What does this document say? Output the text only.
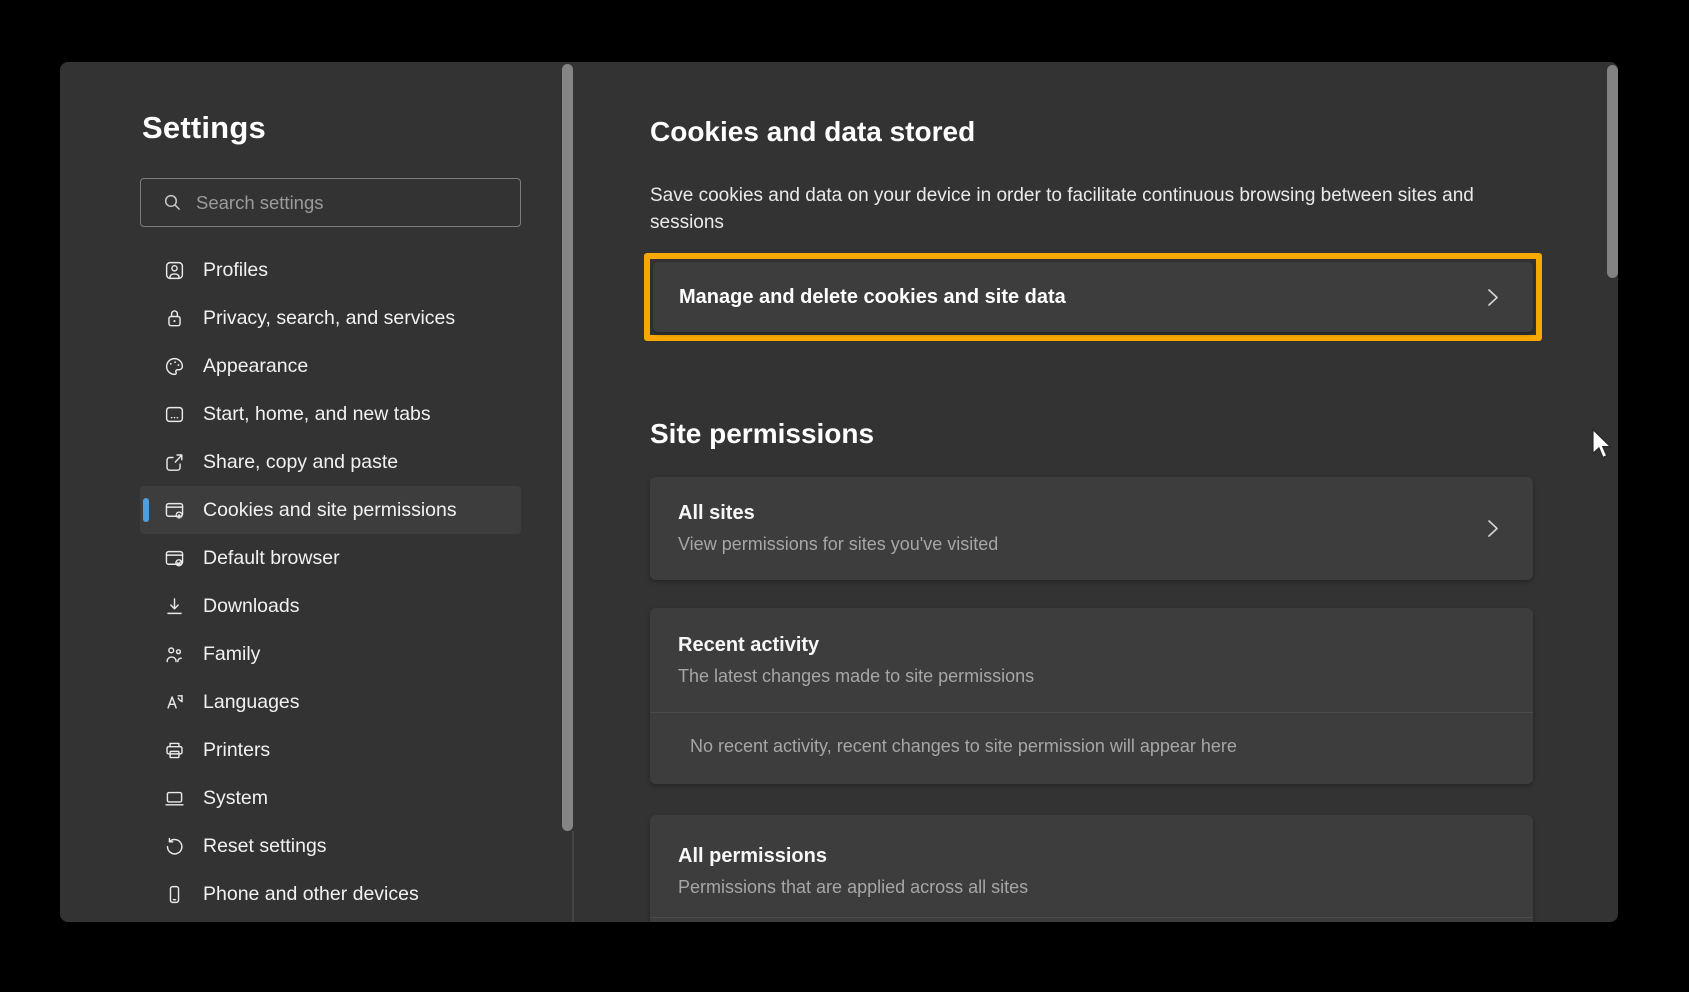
Settings
Search settings
Profiles
Privacy, search, and services
Appearance
Start, home, and new tabs
Share, copy and paste
Cookies and site permissions
Default browser
Downloads
Family
Languages
Printers
System
Reset settings
Phone and other devices
Cookies and data stored

Save cookies and data on your device in order to facilitate continuous browsing between sites and sessions

Manage and delete cookies and site data
Site permissions
All sites
View permissions for sites you've visited
Recent activity
The latest changes made to site permissions
No recent activity, recent changes to site permission will appear here
All permissions
Permissions that are applied across all sites
